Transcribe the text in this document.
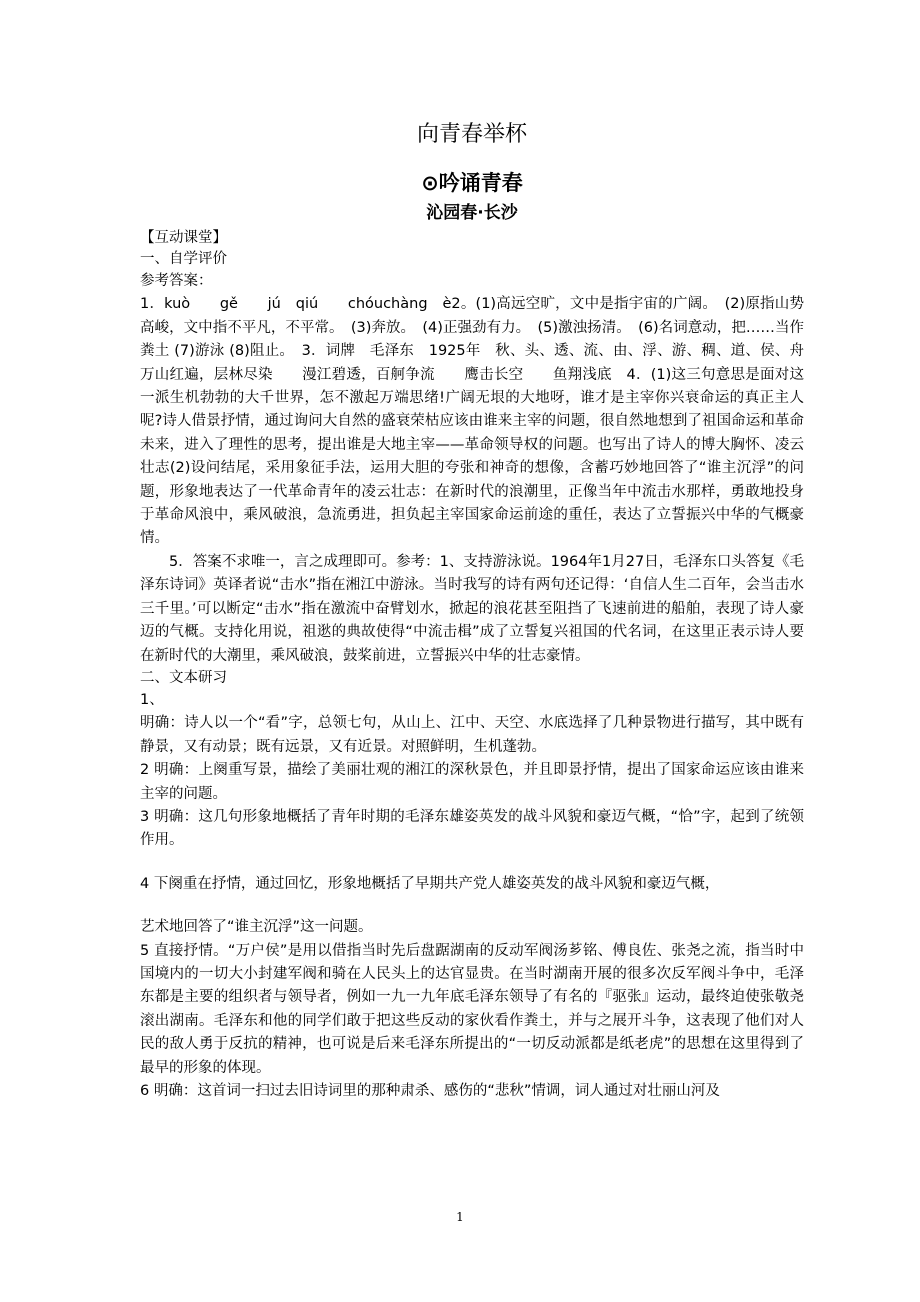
向青春举杯
⊙吟诵青春
沁园春·长沙
【互动课堂】
一、自学评价
参考答案：
1．kuò　　gě　　jú　qiú　　chóuchàng　è2。(1)高远空旷，文中是指宇宙的广阔。　(2)原指山势高峻，文中指不平凡，不平常。　(3)奔放。　(4)正强劲有力。　(5)激浊扬清。　(6)名词意动，把……当作粪土 (7)游泳 (8)阻止。　3．词牌　毛泽东　1925年　秋、头、透、流、由、浮、游、稠、道、侯、舟　　万山红遍，层林尽染　　漫江碧透，百舸争流　　鹰击长空　　鱼翔浅底　4．(1)这三句意思是面对这一派生机勃勃的大千世界，怎不激起万端思绪!广阔无垠的大地呀，谁才是主宰你兴衰命运的真正主人呢?诗人借景抒情，通过询问大自然的盛衰荣枯应该由谁来主宰的问题，很自然地想到了祖国命运和革命未来，进入了理性的思考，提出谁是大地主宰——革命领导权的问题。也写出了诗人的博大胸怀、凌云壮志(2)设问结尾，采用象征手法，运用大胆的夸张和神奇的想像，含蓄巧妙地回答了“谁主沉浮”的问题，形象地表达了一代革命青年的凌云壮志：在新时代的浪潮里，正像当年中流击水那样，勇敢地投身于革命风浪中，乘风破浪，急流勇进，担负起主宰国家命运前途的重任，表达了立誓振兴中华的气概豪情。
5．答案不求唯一，言之成理即可。参考：1、支持游泳说。1964年1月27日，毛泽东口头答复《毛泽东诗词》英译者说“击水”指在湘江中游泳。当时我写的诗有两句还记得：‘自信人生二百年，会当击水三千里。’可以断定“击水”指在激流中奋臂划水，掀起的浪花甚至阻挡了飞速前进的船舶，表现了诗人豪迈的气概。支持化用说，祖逖的典故使得“中流击楫”成了立誓复兴祖国的代名词，在这里正表示诗人要在新时代的大潮里，乘风破浪，鼓桨前进，立誓振兴中华的壮志豪情。
二、文本研习
1、
明确：诗人以一个“看”字，总领七句，从山上、江中、天空、水底选择了几种景物进行描写，其中既有静景，又有动景；既有远景，又有近景。对照鲜明，生机蓬勃。
2 明确：上阕重写景，描绘了美丽壮观的湘江的深秋景色，并且即景抒情，提出了国家命运应该由谁来主宰的问题。
3 明确：这几句形象地概括了青年时期的毛泽东雄姿英发的战斗风貌和豪迈气概，“恰”字，起到了统领作用。
4 下阕重在抒情，通过回忆，形象地概括了早期共产党人雄姿英发的战斗风貌和豪迈气概，
艺术地回答了“谁主沉浮”这一问题。
5 直接抒情。“万户侯”是用以借指当时先后盘踞湖南的反动军阀汤芗铭、傅良佐、张尧之流，指当时中国境内的一切大小封建军阀和骑在人民头上的达官显贵。在当时湖南开展的很多次反军阀斗争中，毛泽东都是主要的组织者与领导者，例如一九一九年底毛泽东领导了有名的『驱张』运动，最终迫使张敬尧滚出湖南。毛泽东和他的同学们敢于把这些反动的家伙看作粪土，并与之展开斗争，这表现了他们对人民的敌人勇于反抗的精神，也可说是后来毛泽东所提出的“一切反动派都是纸老虎”的思想在这里得到了最早的形象的体现。
6 明确：这首词一扫过去旧诗词里的那种肃杀、感伤的“悲秋”情调，词人通过对壮丽山河及
1
